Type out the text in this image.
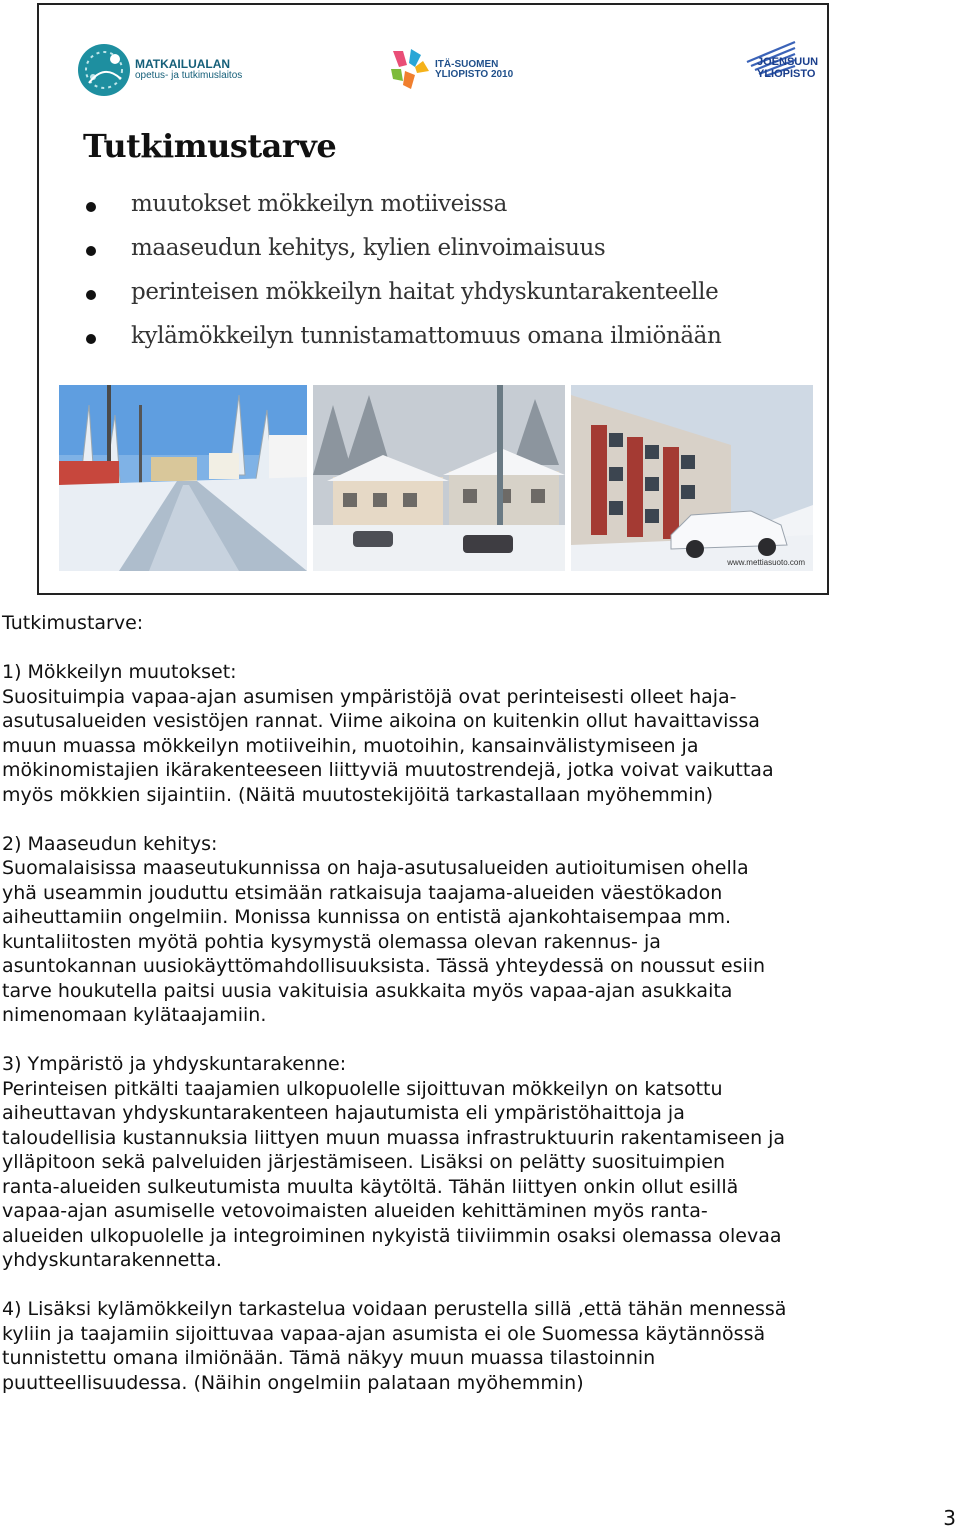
MATKAILUALAN
opetus- ja tutkimuslaitos
ITÄ-SUOMEN
YLIOPISTO 2010
JOENSUUN
YLIOPISTO
Tutkimustarve
muutokset mökkeilyn motiiveissa
maaseudun kehitys, kylien elinvoimaisuus
perinteisen mökkeilyn haitat yhdyskuntarakenteelle
kylämökkeilyn tunnistamattomuus omana ilmiönään
www.mettiasuoto.com

Tutkimustarve:

1) Mökkeilyn muutokset:
Suosituimpia vapaa-ajan asumisen ympäristöjä ovat perinteisesti olleet haja-
asutusalueiden vesistöjen rannat. Viime aikoina on kuitenkin ollut havaittavissa
muun muassa mökkeilyn motiiveihin, muotoihin, kansainvälistymiseen ja
mökinomistajien ikärakenteeseen liittyviä muutostrendejä, jotka voivat vaikuttaa
myös mökkien sijaintiin. (Näitä muutostekijöitä tarkastallaan myöhemmin)

2) Maaseudun kehitys:
Suomalaisissa maaseutukunnissa on haja-asutusalueiden autioitumisen ohella
yhä useammin jouduttu etsimään ratkaisuja taajama-alueiden väestökadon
aiheuttamiin ongelmiin. Monissa kunnissa on entistä ajankohtaisempaa mm.
kuntaliitosten myötä pohtia kysymystä olemassa olevan rakennus- ja
asuntokannan uusiokäyttömahdollisuuksista. Tässä yhteydessä on noussut esiin
tarve houkutella paitsi uusia vakituisia asukkaita myös vapaa-ajan asukkaita
nimenomaan kylätaajamiin.

3) Ympäristö ja yhdyskuntarakenne:
Perinteisen pitkälti taajamien ulkopuolelle sijoittuvan mökkeilyn on katsottu
aiheuttavan yhdyskuntarakenteen hajautumista eli ympäristöhaittoja ja
taloudellisia kustannuksia liittyen muun muassa infrastruktuurin rakentamiseen ja
ylläpitoon sekä palveluiden järjestämiseen. Lisäksi on pelätty suosituimpien
ranta-alueiden sulkeutumista muulta käytöltä. Tähän liittyen onkin ollut esillä
vapaa-ajan asumiselle vetovoimaisten alueiden kehittäminen myös ranta-
alueiden ulkopuolelle ja integroiminen nykyistä tiiviimmin osaksi olemassa olevaa
yhdyskuntarakennetta.

4) Lisäksi kylämökkeilyn tarkastelua voidaan perustella sillä ,että tähän mennessä
kyliin ja taajamiin sijoittuvaa vapaa-ajan asumista ei ole Suomessa käytännössä
tunnistettu omana ilmiönään. Tämä näkyy muun muassa tilastoinnin
puutteellisuudessa. (Näihin ongelmiin palataan myöhemmin)

3
